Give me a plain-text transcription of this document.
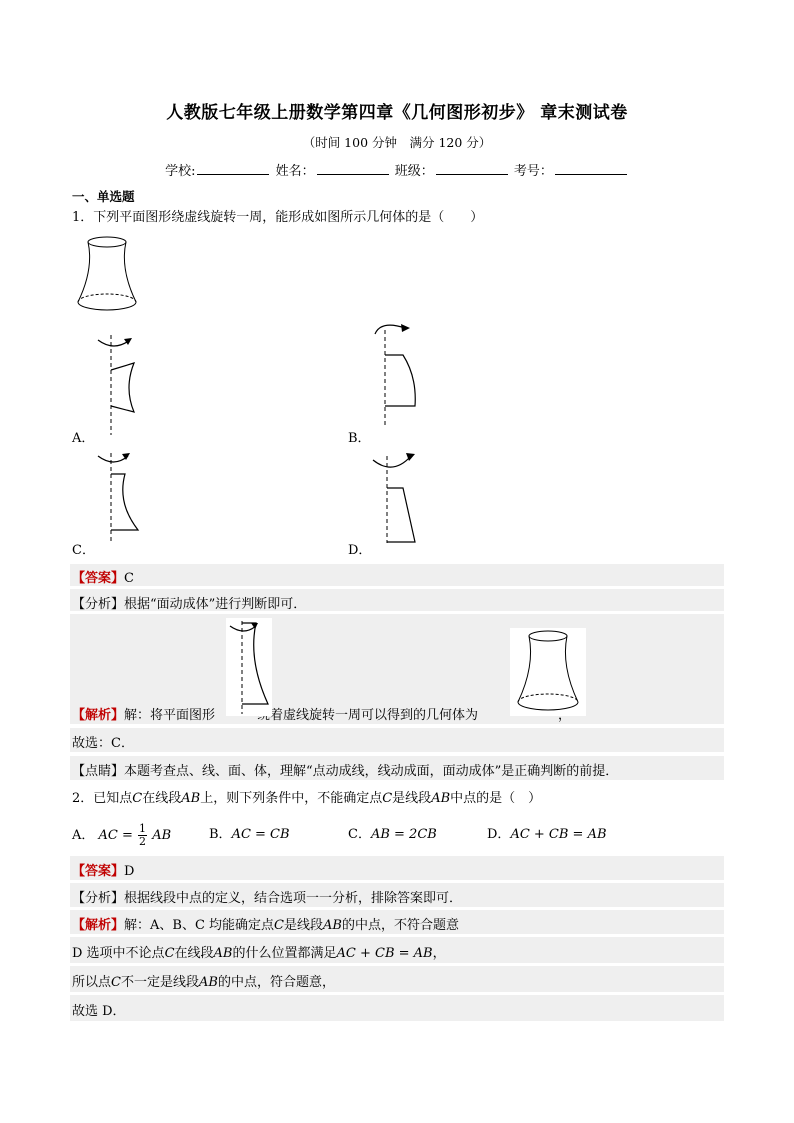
人教版七年级上册数学第四章《几何图形初步》 章末测试卷
（时间 100 分钟　满分 120 分）
学校:	姓名：	班级：	考号：
一、单选题
1．下列平面图形绕虚线旋转一周，能形成如图所示几何体的是（　　）
A．	B．
C．	D．
【答案】C
【分析】根据“面动成体”进行判断即可．
【解析】解：将平面图形	绕着虚线旋转一周可以得到的几何体为	，
故选：C．
【点睛】本题考查点、线、面、体，理解“点动成线，线动成面，面动成体”是正确判断的前提．
2．已知点C在线段AB上，则下列条件中，不能确定点C是线段AB中点的是（　）
A． AC = $\frac{1}{2}$ AB	B．AC = CB	C．AB = 2CB	D．AC + CB = AB
【答案】D
【分析】根据线段中点的定义，结合选项一一分析，排除答案即可．
【解析】解：A、B、C 均能确定点C是线段AB的中点，不符合题意
D 选项中不论点C在线段AB的什么位置都满足AC + CB = AB，
所以点C不一定是线段AB的中点，符合题意，
故选 D．
